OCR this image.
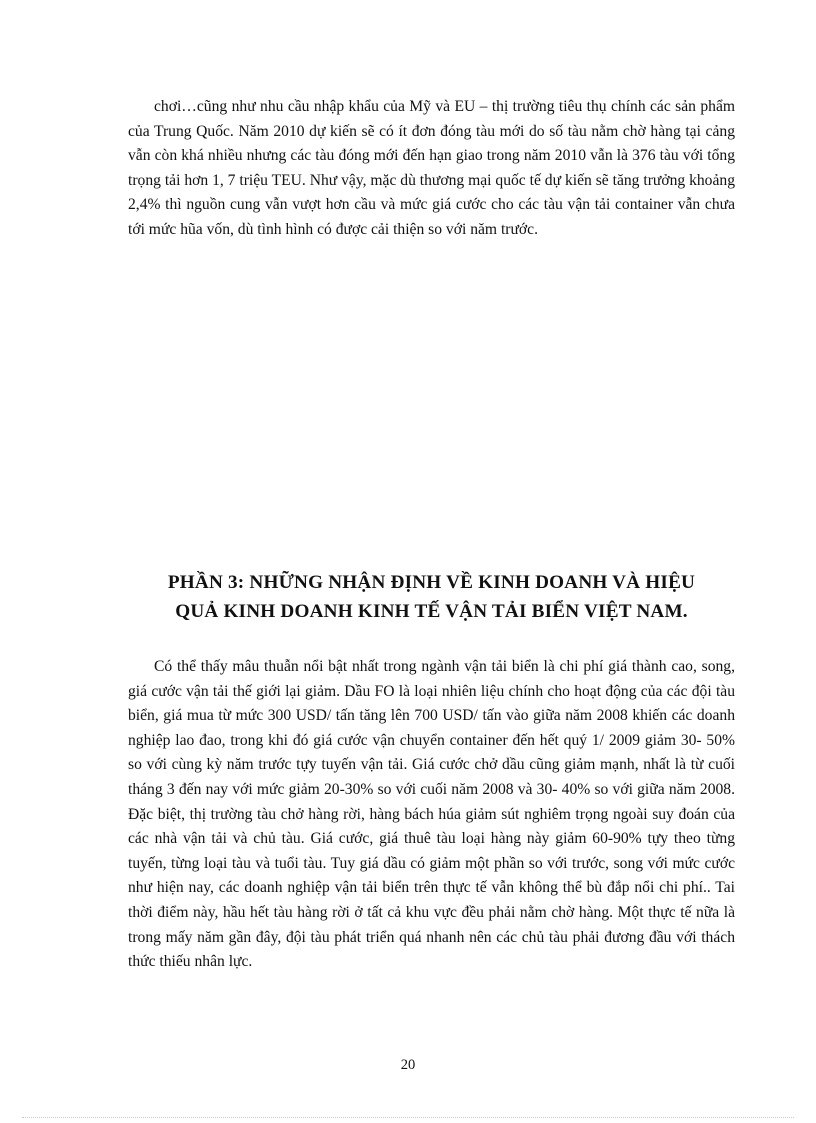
chơi…cũng như nhu cầu nhập khẩu của Mỹ và EU – thị trường tiêu thụ chính các sản phẩm của Trung Quốc. Năm 2010 dự kiến sẽ có ít đơn đóng tàu mới do số tàu nằm chờ hàng tại cảng vẫn còn khá nhiều nhưng các tàu đóng mới đến hạn giao trong năm 2010 vẫn là 376 tàu với tổng trọng tải hơn 1, 7 triệu TEU. Như vậy, mặc dù thương mại quốc tế dự kiến sẽ tăng trưởng khoảng 2,4% thì nguồn cung vẫn vượt hơn cầu và mức giá cước cho các tàu vận tải container vẫn chưa tới mức hũa vốn, dù tình hình có được cải thiện so với năm trước.

PHẦN 3: NHỮNG NHẬN ĐỊNH VỀ KINH DOANH VÀ HIỆU
QUẢ KINH DOANH KINH TẾ VẬN TẢI BIỂN VIỆT NAM.

Có thể thấy mâu thuẫn nổi bật nhất trong ngành vận tải biển là chi phí giá thành cao, song, giá cước vận tải thế giới lại giảm. Dầu FO là loại nhiên liệu chính cho hoạt động của các đội tàu biển, giá mua từ mức 300 USD/ tấn tăng lên 700 USD/ tấn vào giữa năm 2008 khiến các doanh nghiệp lao đao, trong khi đó giá cước vận chuyển container đến hết quý 1/ 2009 giảm 30- 50% so với cùng kỳ năm trước tựy tuyến vận tải. Giá cước chở dầu cũng giảm mạnh, nhất là từ cuối tháng 3 đến nay với mức giảm 20-30% so với cuối năm 2008 và 30- 40% so với giữa năm 2008. Đặc biệt, thị trường tàu chở hàng rời, hàng bách húa giảm sút nghiêm trọng ngoài suy đoán của các nhà vận tải và chủ tàu. Giá cước, giá thuê tàu loại hàng này giảm 60-90% tựy theo từng tuyến, từng loại tàu và tuổi tàu. Tuy giá dầu có giảm một phần so với trước, song với mức cước như hiện nay, các doanh nghiệp vận tải biển trên thực tế vẫn không thể bù đắp nổi chi phí.. Tai thời điểm này, hầu hết tàu hàng rời ở tất cả khu vực đều phải nằm chờ hàng. Một thực tế nữa là trong mấy năm gần đây, đội tàu phát triển quá nhanh nên các chủ tàu phải đương đầu với thách thức thiếu nhân lực.

20
